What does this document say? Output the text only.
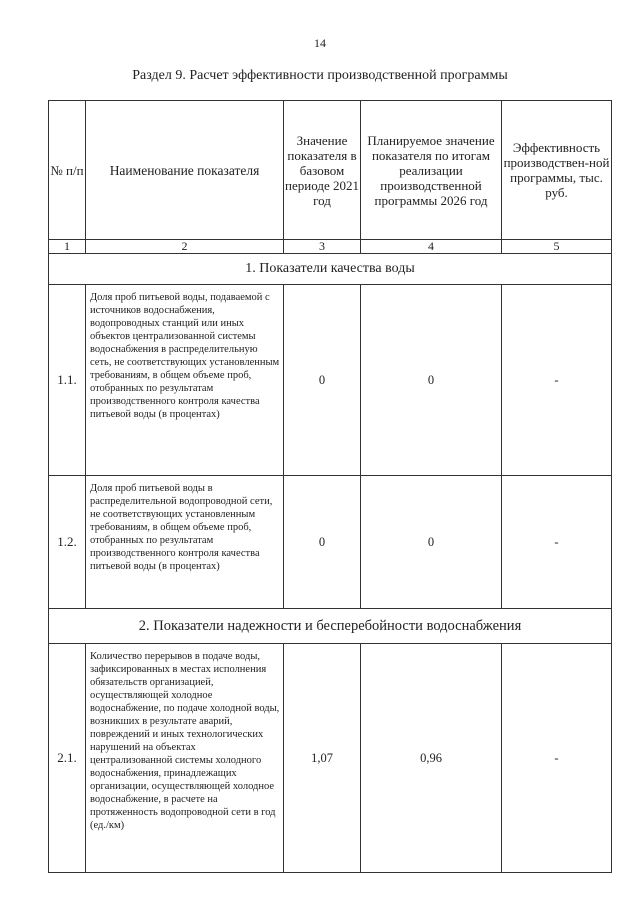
14
Раздел 9. Расчет эффективности производственной программы
№ п/п	Наименование показателя	Значение показателя в базовом периоде 2021 год	Планируемое значение показателя по итогам реализации производственной программы 2026 год	Эффективность производствен-ной программы, тыс. руб.
1	2	3	4	5
1. Показатели качества воды				
1.1.	Доля проб питьевой воды, подаваемой с источников водоснабжения, водопроводных станций или иных объектов централизованной системы водоснабжения в распределительную сеть, не соответствующих установленным требованиям, в общем объеме проб, отобранных по результатам производственного контроля качества питьевой воды (в процентах)	0	0	-
1.2.	Доля проб питьевой воды в распределительной водопроводной сети, не соответствующих установленным требованиям, в общем объеме проб, отобранных по результатам производственного контроля качества питьевой воды (в процентах)	0	0	-
2. Показатели надежности и бесперебойности водоснабжения				
2.1.	Количество перерывов в подаче воды, зафиксированных в местах исполнения обязательств организацией, осуществляющей холодное водоснабжение, по подаче холодной воды, возникших в результате аварий, повреждений и иных технологических нарушений на объектах централизованной системы холодного водоснабжения, принадлежащих организации, осуществляющей холодное водоснабжение, в расчете на протяженность водопроводной сети в год (ед./км)	1,07	0,96	-
